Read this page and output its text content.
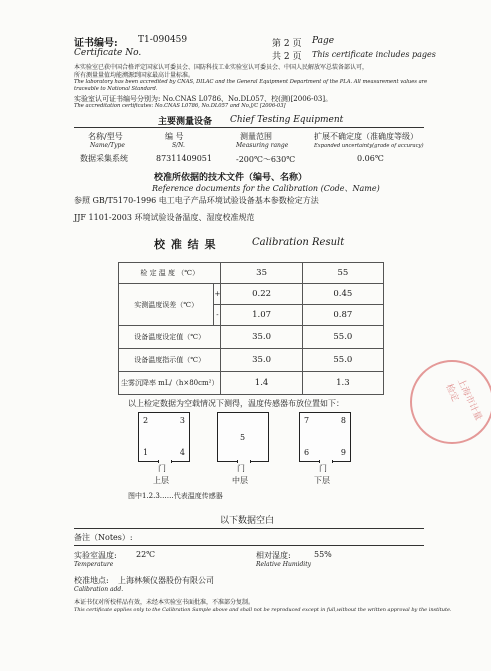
证书编号: T1-090459
Certificate No.
第 2 页 Page
共 2 页 This certificate includes pages
本实验室已获中国合格评定国家认可委员会、国防科技工业实验室认可委员会、中国人民解放军总装备部认可，
所有测量量值均能溯源到国家最高计量标准。
The laboratory has been accredited by CNAS, DILAC and the General Equipment Department of the PLA. All measurement values are
traceable to National Standard.
实验室认可证书编号分别为: No.CNAS L0786、No.DL057、校(测)[2006-03]。
The accreditation certificates: No.CNAS L0786, No.DL057 and No.J/C [2006-03]
主要测量设备 Chief Testing Equipment
名称/型号
Name/Type
编 号
S/N.
测量范围
Measuring range
扩展不确定度（准确度等级）
Expanded uncertainty(grade of accuracy)
数据采集系统	87311409051	-200℃～630℃	0.06℃
校准所依据的技术文件（编号、名称）
Reference documents for the Calibration (Code、Name)
参照 GB/T5170-1996 电工电子产品环境试验设备基本参数检定方法
JJF 1101-2003 环境试验设备温度、湿度校准规范
校 准 结 果	Calibration Result
检 定 温 度 （℃）		35	55
实测温度误差（℃）	+	0.22	0.45
	-	1.07	0.87
设备温度设定值（℃）		35.0	55.0
设备温度指示值（℃）		35.0	55.0
尘雾沉降率 mL/（h×80cm²）		1.4	1.3
以上检定数据为空载情况下测得，温度传感器布放位置如下：
2	3
1	4
门
上层
5
门
中层
7	8
6	9
门
下层
图中1.2.3……代表温度传感器
以下数据空白
上海市计量检定
备注（Notes）:
实验室温度: 22℃
Temperature
相对湿度:	55%
Relative Humidity
校准地点: 上海林频仪器股份有限公司
Calibration add.
本证书仅对所校样品有效，未经本实验室书面批准，不准部分复制。
This certificate applies only to the Calibration Sample above and shall not be reproduced except in full,without the written approval by the institute.
